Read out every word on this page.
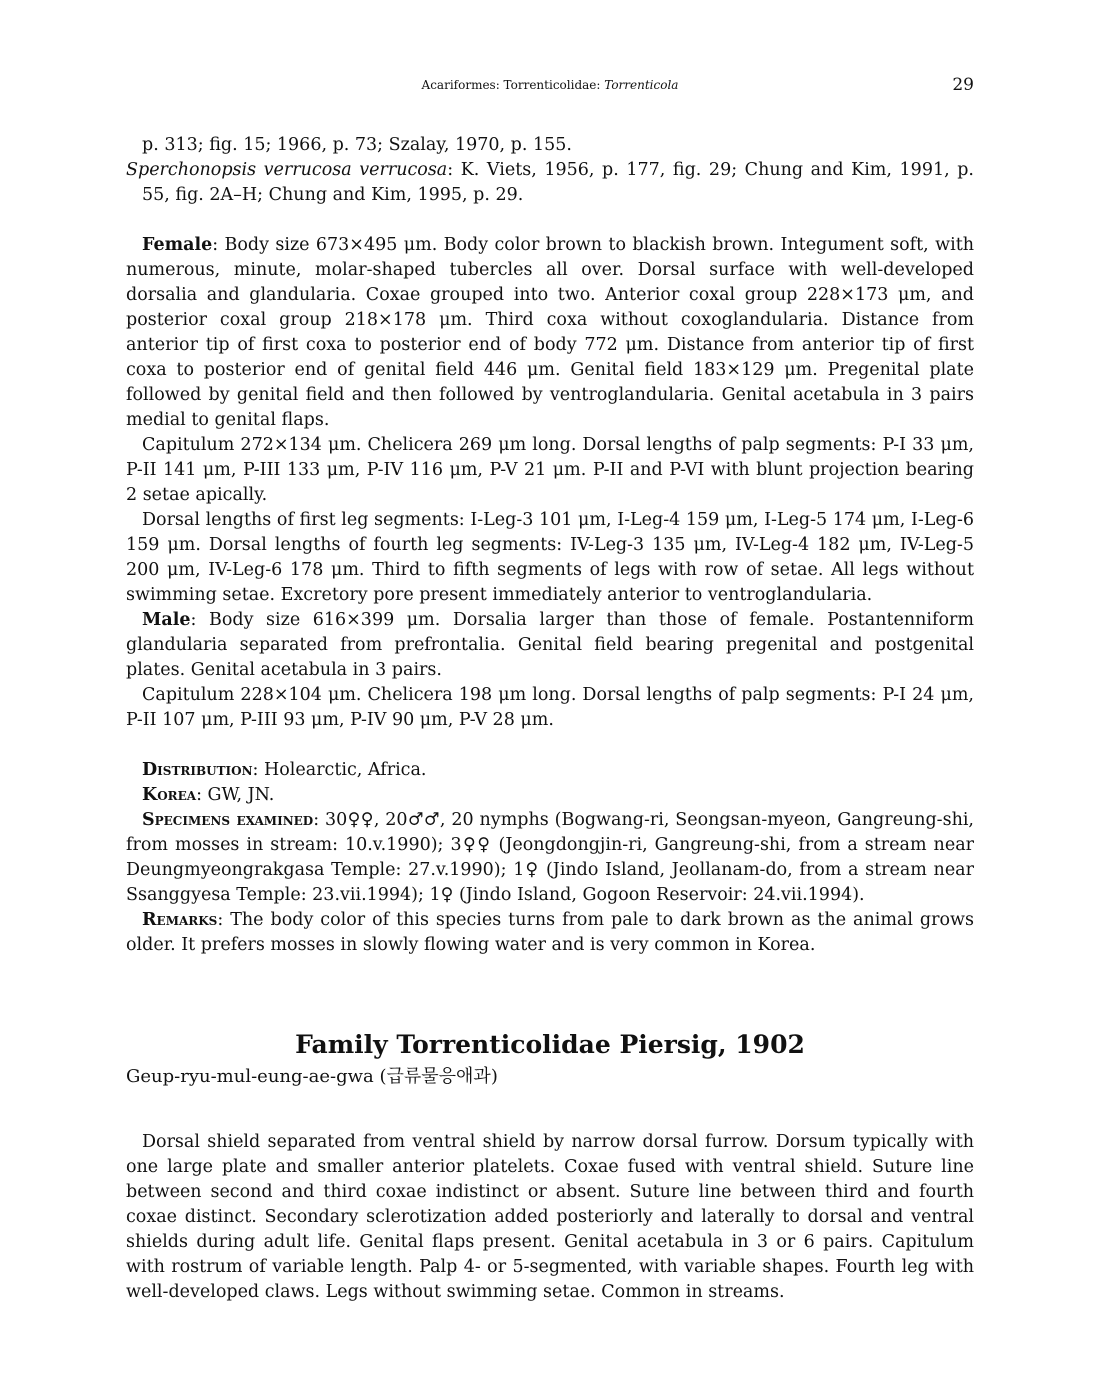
Acariformes: Torrenticolidae: Torrenticola	29

p. 313; fig. 15; 1966, p. 73; Szalay, 1970, p. 155.

Sperchonopsis verrucosa verrucosa: K. Viets, 1956, p. 177, fig. 29; Chung and Kim, 1991, p. 55, fig. 2A–H; Chung and Kim, 1995, p. 29.

Female: Body size 673×495 μm. Body color brown to blackish brown. Integument soft, with numerous, minute, molar-shaped tubercles all over. Dorsal surface with well-developed dorsalia and glandularia. Coxae grouped into two. Anterior coxal group 228×173 μm, and posterior coxal group 218×178 μm. Third coxa without coxoglandularia. Distance from anterior tip of first coxa to posterior end of body 772 μm. Distance from anterior tip of first coxa to posterior end of genital field 446 μm. Genital field 183×129 μm. Pregenital plate followed by genital field and then followed by ventroglandularia. Genital acetabula in 3 pairs medial to genital flaps.

Capitulum 272×134 μm. Chelicera 269 μm long. Dorsal lengths of palp segments: P-I 33 μm, P-II 141 μm, P-III 133 μm, P-IV 116 μm, P-V 21 μm. P-II and P-VI with blunt projection bearing 2 setae apically.

Dorsal lengths of first leg segments: I-Leg-3 101 μm, I-Leg-4 159 μm, I-Leg-5 174 μm, I-Leg-6 159 μm. Dorsal lengths of fourth leg segments: IV-Leg-3 135 μm, IV-Leg-4 182 μm, IV-Leg-5 200 μm, IV-Leg-6 178 μm. Third to fifth segments of legs with row of setae. All legs without swimming setae. Excretory pore present immediately anterior to ventroglandularia.

Male: Body size 616×399 μm. Dorsalia larger than those of female. Postantenniform glandularia separated from prefrontalia. Genital field bearing pregenital and postgenital plates. Genital acetabula in 3 pairs.

Capitulum 228×104 μm. Chelicera 198 μm long. Dorsal lengths of palp segments: P-I 24 μm, P-II 107 μm, P-III 93 μm, P-IV 90 μm, P-V 28 μm.

Distribution: Holearctic, Africa.

Korea: GW, JN.

Specimens examined: 30♀♀, 20♂♂, 20 nymphs (Bogwang-ri, Seongsan-myeon, Gangreung-shi, from mosses in stream: 10.v.1990); 3♀♀ (Jeongdongjin-ri, Gangreung-shi, from a stream near Deungmyeongrakgasa Temple: 27.v.1990); 1♀ (Jindo Island, Jeollanam-do, from a stream near Ssanggyesa Temple: 23.vii.1994); 1♀ (Jindo Island, Gogoon Reservoir: 24.vii.1994).

Remarks: The body color of this species turns from pale to dark brown as the animal grows older. It prefers mosses in slowly flowing water and is very common in Korea.

Family Torrenticolidae Piersig, 1902

Geup-ryu-mul-eung-ae-gwa (급류물응애과)

Dorsal shield separated from ventral shield by narrow dorsal furrow. Dorsum typically with one large plate and smaller anterior platelets. Coxae fused with ventral shield. Suture line between second and third coxae indistinct or absent. Suture line between third and fourth coxae distinct. Secondary sclerotization added posteriorly and laterally to dorsal and ventral shields during adult life. Genital flaps present. Genital acetabula in 3 or 6 pairs. Capitulum with rostrum of variable length. Palp 4- or 5-segmented, with variable shapes. Fourth leg with well-developed claws. Legs without swimming setae. Common in streams.
